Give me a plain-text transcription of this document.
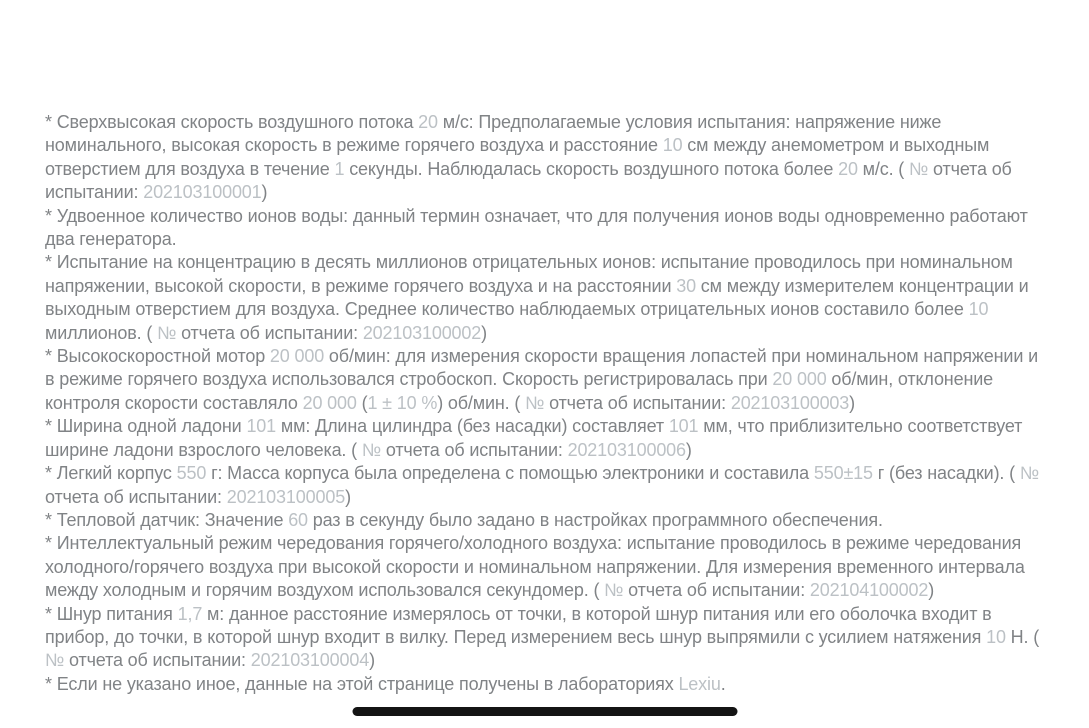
* Сверхвысокая скорость воздушного потока 20 м/с: Предполагаемые условия испытания: напряжение ниже номинального, высокая скорость в режиме горячего воздуха и расстояние 10 см между анемометром и выходным отверстием для воздуха в течение 1 секунды. Наблюдалась скорость воздушного потока более 20 м/с. ( № отчета об испытании: 202103100001)

* Удвоенное количество ионов воды: данный термин означает, что для получения ионов воды одновременно работают два генератора.

* Испытание на концентрацию в десять миллионов отрицательных ионов: испытание проводилось при номинальном напряжении, высокой скорости, в режиме горячего воздуха и на расстоянии 30 см между измерителем концентрации и выходным отверстием для воздуха. Среднее количество наблюдаемых отрицательных ионов составило более 10 миллионов. ( № отчета об испытании: 202103100002)

* Высокоскоростной мотор 20 000 об/мин: для измерения скорости вращения лопастей при номинальном напряжении и в режиме горячего воздуха использовался стробоскоп. Скорость регистрировалась при 20 000 об/мин, отклонение контроля скорости составляло 20 000 (1 ± 10 %) об/мин. ( № отчета об испытании: 202103100003)

* Ширина одной ладони 101 мм: Длина цилиндра (без насадки) составляет 101 мм, что приблизительно соответствует ширине ладони взрослого человека. ( № отчета об испытании: 202103100006)

* Легкий корпус 550 г: Масса корпуса была определена с помощью электроники и составила 550±15 г (без насадки). ( № отчета об испытании: 202103100005)

* Тепловой датчик: Значение 60 раз в секунду было задано в настройках программного обеспечения.

* Интеллектуальный режим чередования горячего/холодного воздуха: испытание проводилось в режиме чередования холодного/горячего воздуха при высокой скорости и номинальном напряжении. Для измерения временного интервала между холодным и горячим воздухом использовался секундомер. ( № отчета об испытании: 202104100002)

* Шнур питания 1,7 м: данное расстояние измерялось от точки, в которой шнур питания или его оболочка входит в прибор, до точки, в которой шнур входит в вилку. Перед измерением весь шнур выпрямили с усилием натяжения 10 Н. ( № отчета об испытании: 202103100004)

* Если не указано иное, данные на этой странице получены в лабораториях Lexiu.
